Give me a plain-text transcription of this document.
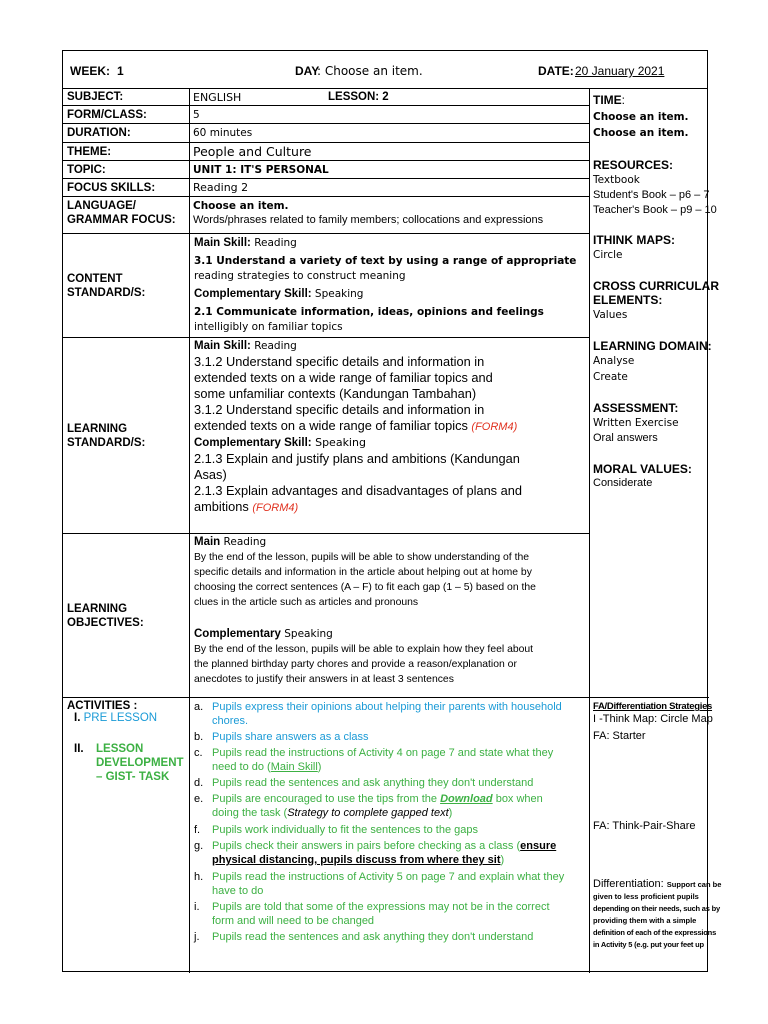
WEEK: 1	DAY
: Choose an item.	DATE: 20 January 2021
SUBJECT:	ENGLISH	LESSON: 2
FORM/CLASS:	5
DURATION:	60 minutes
THEME:	People and Culture
TOPIC:	UNIT 1: IT'S PERSONAL
FOCUS SKILLS:	Reading 2
LANGUAGE/
GRAMMAR FOCUS:
Choose an item.
Words/phrases related to family members; collocations and expressions
CONTENT
STANDARD/S:
Main Skill: Reading
3.1 Understand a variety of text by using a range of appropriate
reading strategies to construct meaning
Complementary Skill: Speaking
2.1 Communicate information, ideas, opinions and feelings
intelligibly on familiar topics
LEARNING
STANDARD/S:
Main Skill: Reading
3.1.2 Understand specific details and information in
extended texts on a wide range of familiar topics and
some unfamiliar contexts (Kandungan Tambahan)
3.1.2 Understand specific details and information in
extended texts on a wide range of familiar topics (FORM4)
Complementary Skill: Speaking
2.1.3 Explain and justify plans and ambitions (Kandungan
Asas)
2.1.3 Explain advantages and disadvantages of plans and
ambitions (FORM4)
LEARNING
OBJECTIVES:
Main Reading
By the end of the lesson, pupils will be able to show understanding of the
specific details and information in the article about helping out at home by
choosing the correct sentences (A – F) to fit each gap (1 – 5) based on the
clues in the article such as articles and pronouns
Complementary Speaking
By the end of the lesson, pupils will be able to explain how they feel about
the planned birthday party chores and provide a reason/explanation or
anecdotes to justify their answers in at least 3 sentences
ACTIVITIES :
I. PRE LESSON
II.	LESSON
DEVELOPMENT
– GIST- TASK
a. Pupils express their opinions about helping their parents with household
chores.
b. Pupils share answers as a class
c. Pupils read the instructions of Activity 4 on page 7 and state what they
need to do (Main Skill)
d. Pupils read the sentences and ask anything they don't understand
e. Pupils are encouraged to use the tips from the Download box when
doing the task (Strategy to complete gapped text)
f.	Pupils work individually to fit the sentences to the gaps
g. Pupils check their answers in pairs before checking as a class (ensure
physical distancing, pupils discuss from where they sit)
h. Pupils read the instructions of Activity 5 on page 7 and explain what they
have to do
i.	Pupils are told that some of the expressions may not be in the correct
form and will need to be changed
j.	Pupils read the sentences and ask anything they don't understand
TIME:
Choose an item.
Choose an item.
RESOURCES:
Textbook
Student's Book – p6 – 7
Teacher's Book – p9 – 10
ITHINK MAPS:
Circle
CROSS CURRICULAR
ELEMENTS:
Values
LEARNING DOMAIN:
Analyse
Create
ASSESSMENT:
Written Exercise
Oral answers
MORAL VALUES:
Considerate
FA/Differentiation Strategies
I -Think Map: Circle Map
FA: Starter
FA: Think-Pair-Share
Differentiation: Support can be
given to less proficient pupils
depending on their needs, such as by
providing them with a simple
definition of each of the expressions
in Activity 5 (e.g. put your feet up
